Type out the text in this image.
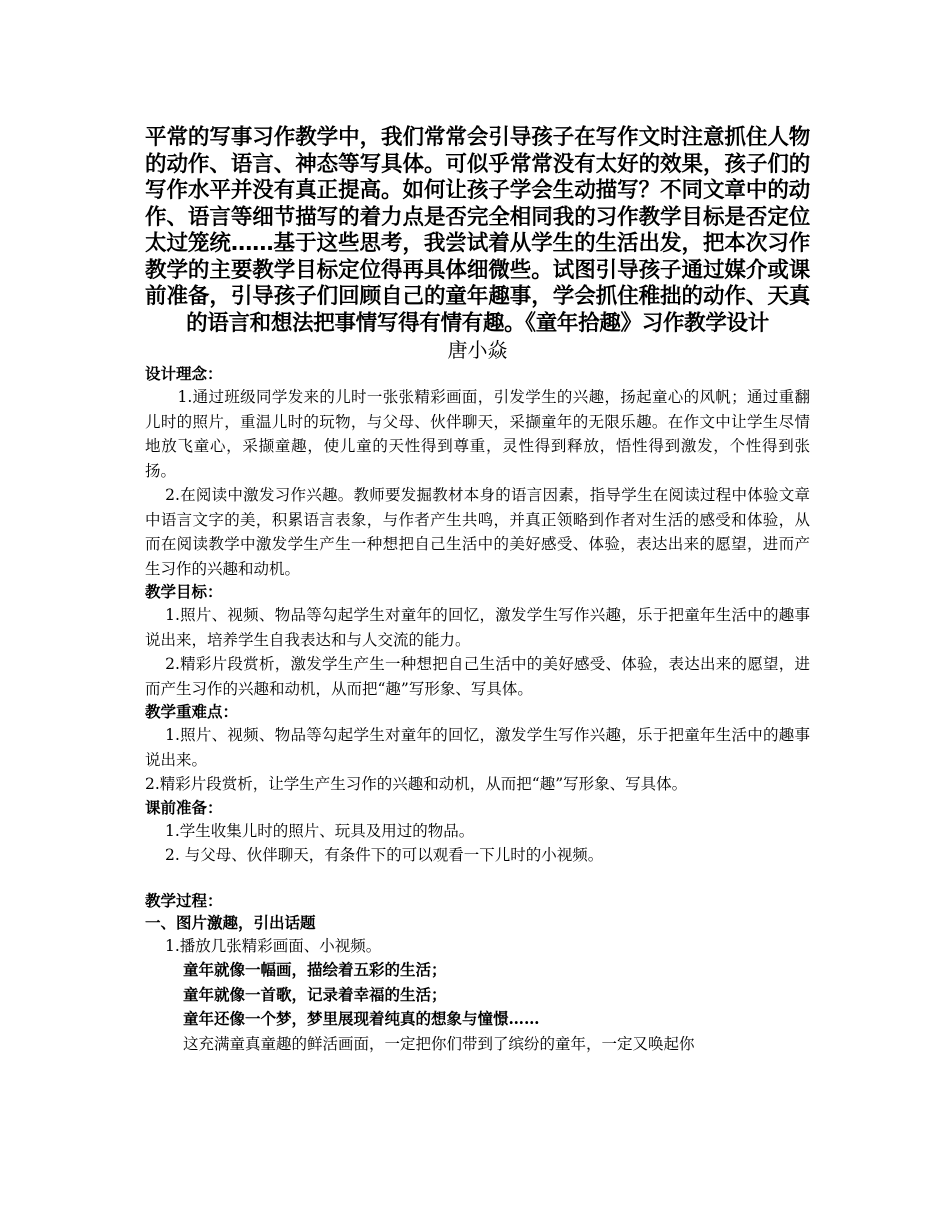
平常的写事习作教学中，我们常常会引导孩子在写作文时注意抓住人物的动作、语言、神态等写具体。可似乎常常没有太好的效果，孩子们的写作水平并没有真正提高。如何让孩子学会生动描写？不同文章中的动作、语言等细节描写的着力点是否完全相同我的习作教学目标是否定位太过笼统……基于这些思考，我尝试着从学生的生活出发，把本次习作教学的主要教学目标定位得再具体细微些。试图引导孩子通过媒介或课前准备，引导孩子们回顾自己的童年趣事，学会抓住稚拙的动作、天真的语言和想法把事情写得有情有趣。《童年拾趣》习作教学设计

唐小焱

设计理念：

1.通过班级同学发来的儿时一张张精彩画面，引发学生的兴趣，扬起童心的风帆；通过重翻儿时的照片，重温儿时的玩物，与父母、伙伴聊天，采撷童年的无限乐趣。在作文中让学生尽情地放飞童心，采撷童趣，使儿童的天性得到尊重，灵性得到释放，悟性得到激发，个性得到张扬。

2.在阅读中激发习作兴趣。教师要发掘教材本身的语言因素，指导学生在阅读过程中体验文章中语言文字的美，积累语言表象，与作者产生共鸣，并真正领略到作者对生活的感受和体验，从而在阅读教学中激发学生产生一种想把自己生活中的美好感受、体验，表达出来的愿望，进而产生习作的兴趣和动机。

教学目标：

1.照片、视频、物品等勾起学生对童年的回忆，激发学生写作兴趣，乐于把童年生活中的趣事说出来，培养学生自我表达和与人交流的能力。

2.精彩片段赏析，激发学生产生一种想把自己生活中的美好感受、体验，表达出来的愿望，进而产生习作的兴趣和动机，从而把“趣”写形象、写具体。

教学重难点：

1.照片、视频、物品等勾起学生对童年的回忆，激发学生写作兴趣，乐于把童年生活中的趣事说出来。

2.精彩片段赏析，让学生产生习作的兴趣和动机，从而把“趣”写形象、写具体。

课前准备：

1.学生收集儿时的照片、玩具及用过的物品。

2. 与父母、伙伴聊天，有条件下的可以观看一下儿时的小视频。

教学过程：

一、图片激趣，引出话题

1.播放几张精彩画面、小视频。

童年就像一幅画，描绘着五彩的生活；

童年就像一首歌，记录着幸福的生活；

童年还像一个梦，梦里展现着纯真的想象与憧憬……

这充满童真童趣的鲜活画面，一定把你们带到了缤纷的童年，一定又唤起你
